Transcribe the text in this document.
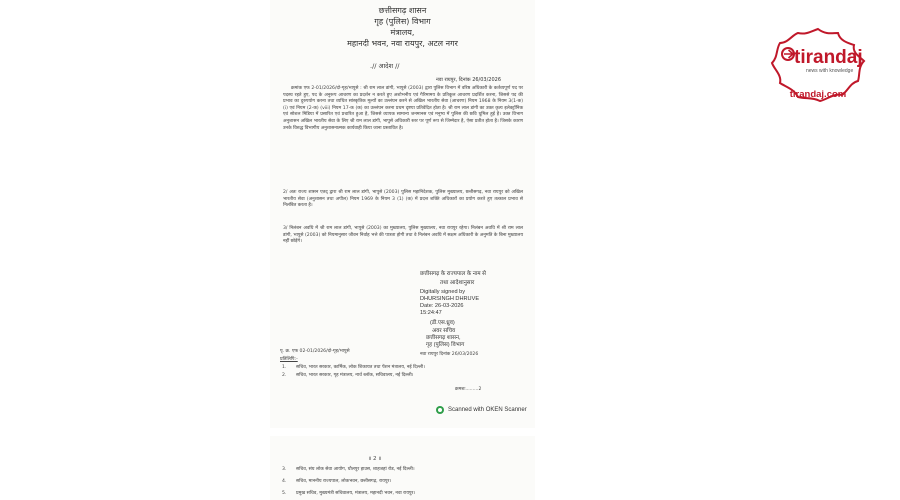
छत्तीसगढ़ शासन
गृह (पुलिस) विभाग
मंत्रालय,
महानदी भवन, नवा रायपुर, अटल नगर
.// आदेश //
नवा रायपुर, दिनांक 26/03/2026
क्रमांक एफ 2-01/2026/दो-गृह/भापुसे : श्री राम लाल डांगी, भापुसे (2003) द्वारा पुलिस विभाग में वरिष्ठ अधिकारी के कर्तव्यपूर्ण पद पर पदस्थ रहते हुए, पद के अनुरूप आचरण का प्रदर्शन न करते हुए अशोभनीय एवं गैरिमामय के प्रतिकूल आचरण प्रदर्शित करना, जिससे पद की प्रभाव का दुरुपयोग करना तथा व्यथित सांस्कृतिक मूल्यों का उल्लंघन करने से अखिल भारतीय सेवा (आचरण) नियम 1968 के नियम 3(1-क) (i) एवं नियम (2-क) (viii) नियम 17-क (क) का उल्लंघन करना प्रथम दृष्टया प्रतिवेदित होता है। श्री राम लाल डांगी का उक्त कृत्य इलेक्ट्रॉनिक एवं सोशल मिडिया में प्रसारित एवं प्रचारित हुआ है, जिससे व्यापक सामान्य जनमानस एवं मनुष्य में पुलिस की छवि धूमिल हुई है। उक्त विभाग अनुशासन अखिल भारतीय सेवा के लिए श्री राम लाल डांगी, भापुसे अधिकारी स्तर पर पूर्ण रूप से जिम्मेदार है, ऐसा प्रतीत होता है। जिसके कारण उनके विरुद्ध विभागीय अनुशासनात्मक कार्यवाही किया जाना प्रस्तावित है।
2/ अतः राज्य शासन एतद् द्वारा श्री राम लाल डांगी, भापुसे (2003) पुलिस महानिदेशक, पुलिस मुख्यालय, छत्तीसगढ़, नवा रायपुर को अखिल भारतीय सेवा (अनुशासन तथा अपील) नियम 1969 के नियम 3 (1) (क) में प्रदत्त शक्ति अधिकारों का प्रयोग करते हुए तत्काल प्रभाव से निलंबित करता है।
3/ निलंबन अवधि में श्री राम लाल डांगी, भापुसे (2003) का मुख्यालय, पुलिस मुख्यालय, नवा रायपुर रहेगा। निलंबन अवधि में श्री राम लाल डांगी, भापुसे (2003) को नियमानुसार जीवन निर्वाह भत्ते की पात्रता होगी तथा वे निलंबन अवधि में सक्षम अधिकारी के अनुमति के बिना मुख्यालय नहीं छोड़ेंगे।
छत्तीसगढ़ के राज्यपाल के नाम से
तथा आदेशानुसार
Digitally signed by
DHURSINGH DHRUVE
Date: 26-03-2026
15:24:47
(डी.एस.ध्रुव)
अवर सचिव
छत्तीसगढ़ शासन,
गृह (पुलिस) विभाग
पृ. क्र. एफ 02-01/2026/दो-गृह/भापुसे
नवा रायपुर दिनांक 26/03/2026
प्रतिलिपि:-
1. सचिव, भारत सरकार, कार्मिक, लोक शिकायत तथा पेंशन मंत्रालय, नई दिल्ली।
2. सचिव, भारत सरकार, गृह मंत्रालय, नार्थ ब्लॉक, सचिवालय, नई दिल्ली।
क्रमशः.........2
Scanned with OKEN Scanner
॥ 2 ॥
3. सचिव, संघ लोक सेवा आयोग, धौलपुर हाउस, शाहजहां रोड, नई दिल्ली।
4. सचिव, माननीय राज्यपाल, लोकभवन, छत्तीसगढ़, रायपुर।
5. प्रमुख सचिव, मुख्यमंत्री सचिवालय, मंत्रालय, महानदी भवन, नवा रायपुर।
tirandaj
news with knowledge
tirandaj.com
